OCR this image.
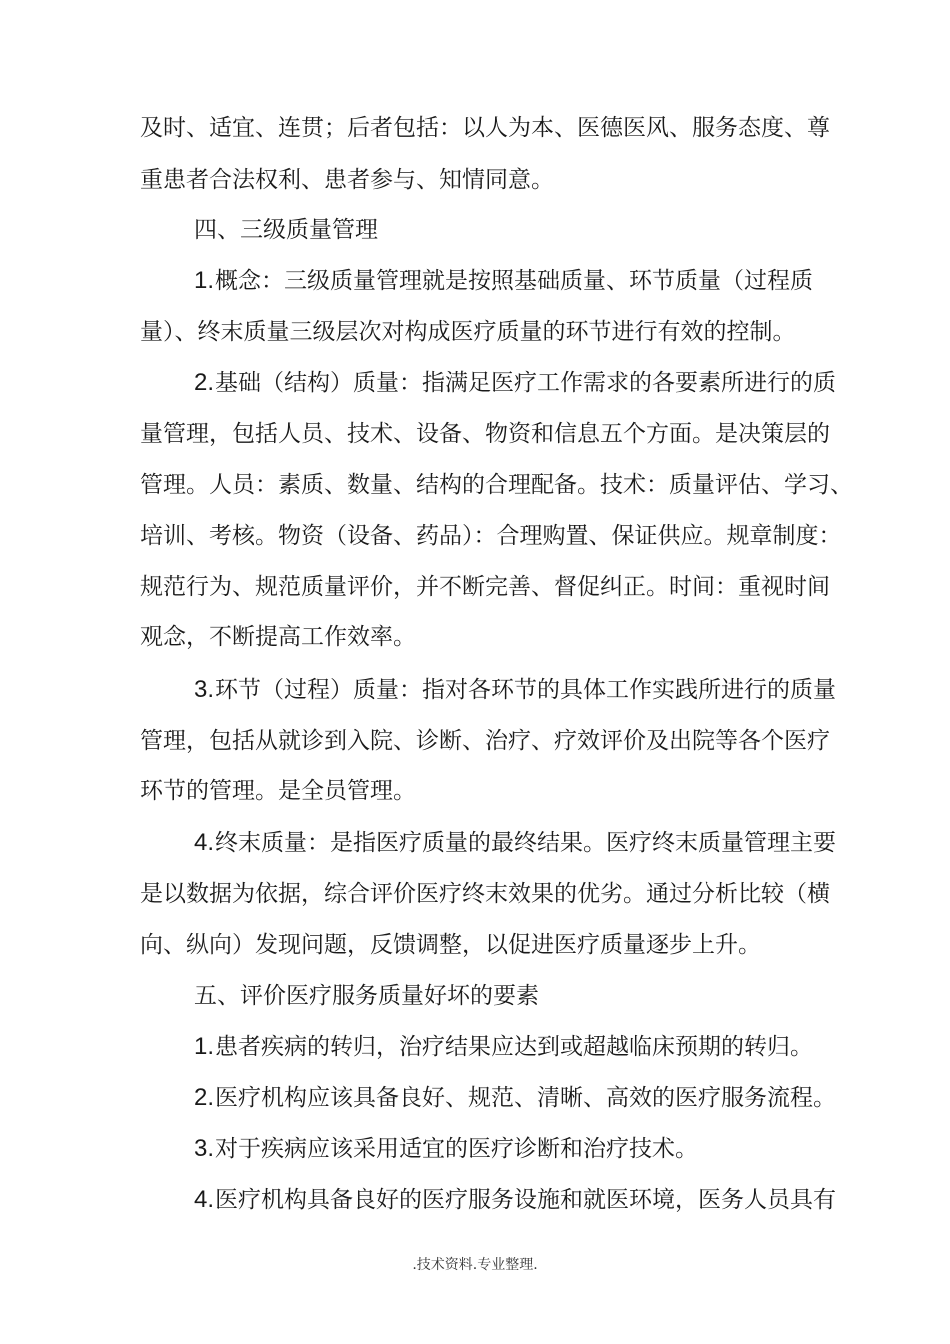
及时、适宜、连贯；后者包括：以人为本、医德医风、服务态度、尊
重患者合法权利、患者参与、知情同意。
四、三级质量管理
1.概念：三级质量管理就是按照基础质量、环节质量（过程质
量）、终末质量三级层次对构成医疗质量的环节进行有效的控制。
2.基础（结构）质量：指满足医疗工作需求的各要素所进行的质
量管理，包括人员、技术、设备、物资和信息五个方面。是决策层的
管理。人员：素质、数量、结构的合理配备。技术：质量评估、学习、
培训、考核。物资（设备、药品）：合理购置、保证供应。规章制度：
规范行为、规范质量评价，并不断完善、督促纠正。时间：重视时间
观念，不断提高工作效率。
3.环节（过程）质量：指对各环节的具体工作实践所进行的质量
管理，包括从就诊到入院、诊断、治疗、疗效评价及出院等各个医疗
环节的管理。是全员管理。
4.终末质量：是指医疗质量的最终结果。医疗终末质量管理主要
是以数据为依据，综合评价医疗终末效果的优劣。通过分析比较（横
向、纵向）发现问题，反馈调整，以促进医疗质量逐步上升。
五、评价医疗服务质量好坏的要素
1.患者疾病的转归，治疗结果应达到或超越临床预期的转归。
2.医疗机构应该具备良好、规范、清晰、高效的医疗服务流程。
3.对于疾病应该采用适宜的医疗诊断和治疗技术。
4.医疗机构具备良好的医疗服务设施和就医环境，医务人员具有
.技术资料.专业整理.
